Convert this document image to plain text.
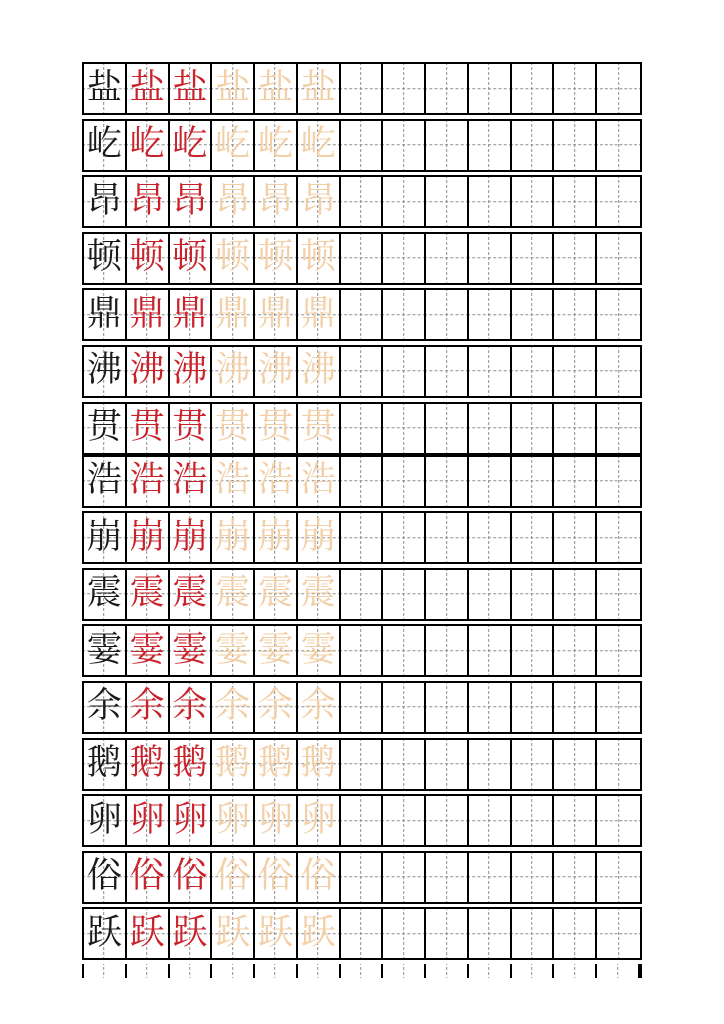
盐 盐 盐 盐 盐 盐
屹 屹 屹 屹 屹 屹
昂 昂 昂 昂 昂 昂
顿 顿 顿 顿 顿 顿
鼎 鼎 鼎 鼎 鼎 鼎
沸 沸 沸 沸 沸 沸
贯 贯 贯 贯 贯 贯
浩 浩 浩 浩 浩 浩
崩 崩 崩 崩 崩 崩
震 震 震 震 震 震
霎 霎 霎 霎 霎 霎
余 余 余 余 余 余
鹅 鹅 鹅 鹅 鹅 鹅
卵 卵 卵 卵 卵 卵
俗 俗 俗 俗 俗 俗
跃 跃 跃 跃 跃 跃
